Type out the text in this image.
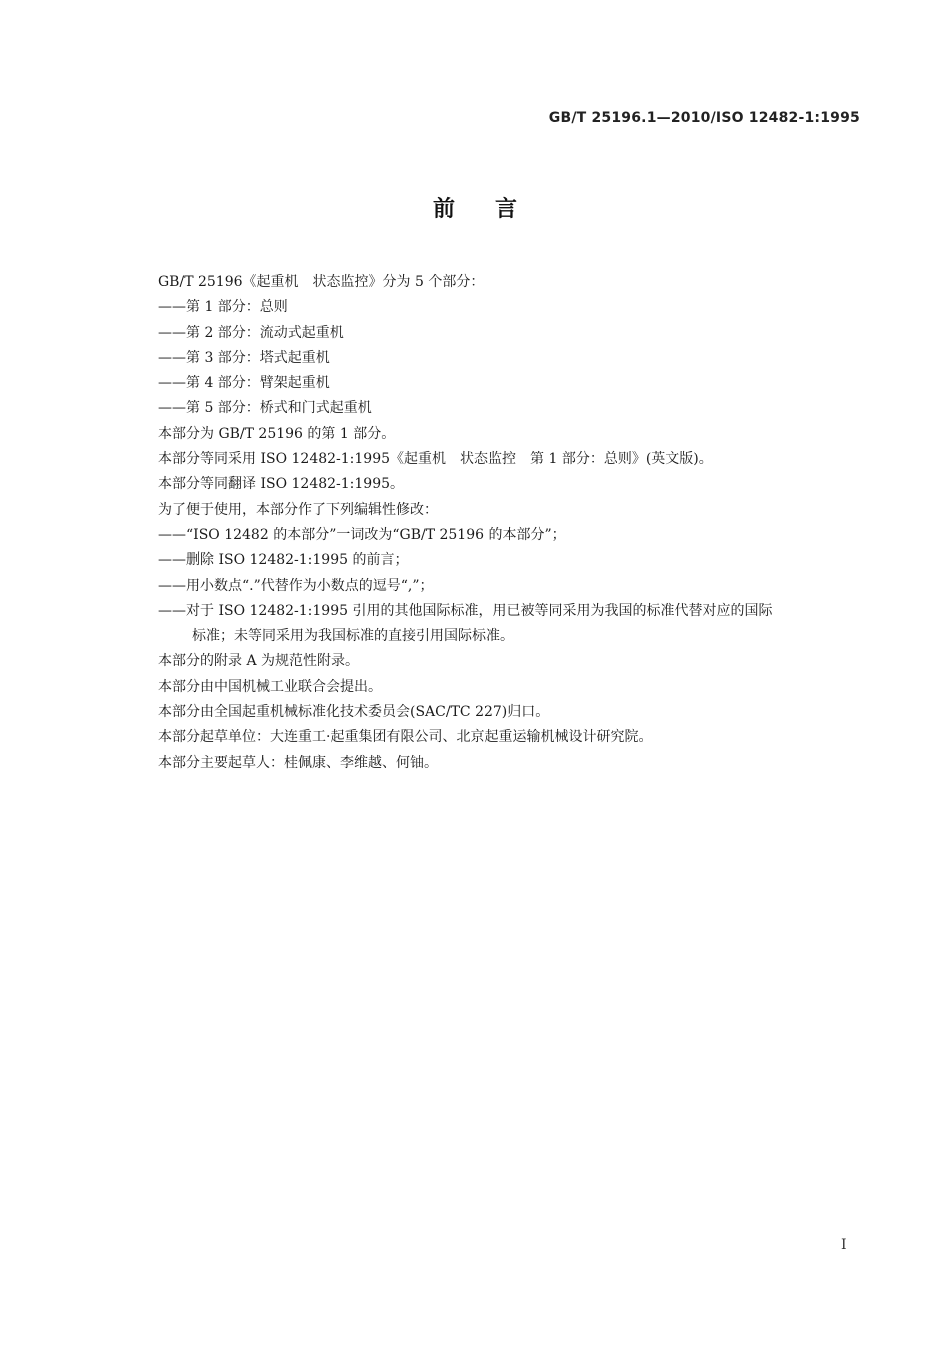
GB/T 25196.1—2010/ISO 12482-1:1995
前言
GB/T 25196《起重机　状态监控》分为 5 个部分：
——第 1 部分：总则
——第 2 部分：流动式起重机
——第 3 部分：塔式起重机
——第 4 部分：臂架起重机
——第 5 部分：桥式和门式起重机
本部分为 GB/T 25196 的第 1 部分。
本部分等同采用 ISO 12482-1:1995《起重机　状态监控　第 1 部分：总则》(英文版)。
本部分等同翻译 ISO 12482-1:1995。
为了便于使用，本部分作了下列编辑性修改：
——“ISO 12482 的本部分”一词改为“GB/T 25196 的本部分”；
——删除 ISO 12482-1:1995 的前言；
——用小数点“.”代替作为小数点的逗号“,”；
——对于 ISO 12482-1:1995 引用的其他国际标准，用已被等同采用为我国的标准代替对应的国际
标准；未等同采用为我国标准的直接引用国际标准。
本部分的附录 A 为规范性附录。
本部分由中国机械工业联合会提出。
本部分由全国起重机械标准化技术委员会(SAC/TC 227)归口。
本部分起草单位：大连重工·起重集团有限公司、北京起重运输机械设计研究院。
本部分主要起草人：桂佩康、李维越、何铀。
I
